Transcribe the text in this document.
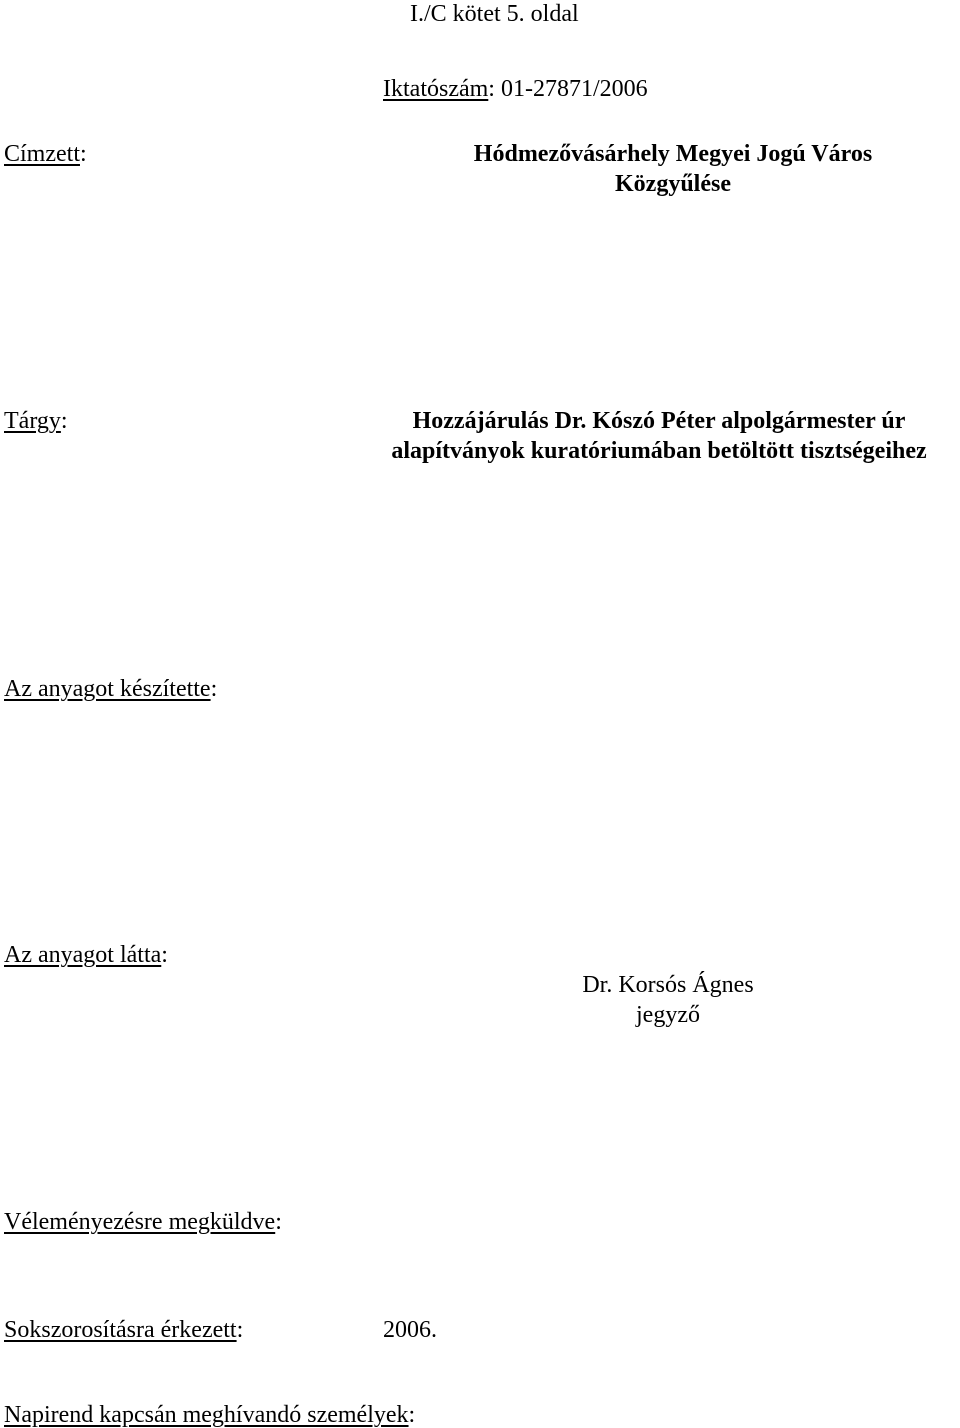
I./C kötet 5. oldal
Iktatószám: 01-27871/2006
Címzett:	Hódmezővásárhely Megyei Jogú Város
Közgyűlése
Tárgy:	Hozzájárulás Dr. Kószó Péter alpolgármester úr
alapítványok kuratóriumában betöltött tisztségeihez
Az anyagot készítette:
Az anyagot látta:
Dr. Korsós Ágnes
jegyző
Véleményezésre megküldve:
Sokszorosításra érkezett:	2006.
Napirend kapcsán meghívandó személyek:
